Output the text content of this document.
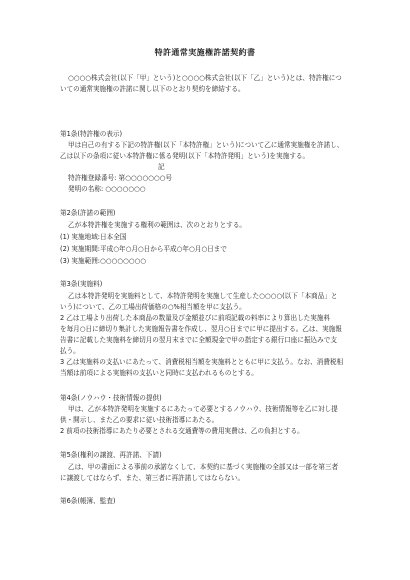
特許通常実施権許諾契約書
○○○○株式会社(以下「甲」という)と○○○○株式会社(以下「乙」という)とは、特許権につ
いての通常実施権の許諾に関し以下のとおり契約を締結する。
第1条(特許権の表示)
甲は自己の有する下記の特許権(以下「本特許権」という)について乙に通常実施権を許諾し、
乙は以下の条項に従い本特許権に係る発明(以下「本特許発明」という)を実施する。
記
特許権登録番号: 第○○○○○○○号
発明の名称: ○○○○○○○
第2条(許諾の範囲)
乙が本特許権を実施する権利の範囲は、次のとおりとする。
(1) 実施地域:日本全国
(2) 実施期間:平成○年○月○日から平成○年○月○日まで
(3) 実施範囲:○○○○○○○○
第3条(実施料)
乙は本特許発明を実施料として、本特許発明を実施して生産した○○○○(以下「本商品」と
いう)について、乙の工場出荷価格の○%相当額を甲に支払う。
2 乙は工場より出荷した本商品の数量及び金額並びに前項記載の料率により算出した実施料
を毎月○日に締切り集計した実施報告書を作成し、翌月○日までに甲に提出する。乙は、実施報
告書に記載した実施料を締切月の翌月末までに全額現金で甲の指定する銀行口座に振込みで支
払う。
3 乙は実施料の支払いにあたって、消費税相当額を実施料とともに甲に支払う。なお、消費税相
当額は前項による実施料の支払いと同時に支払われるものとする。
第4条(ノウハウ・技術情報の提供)
甲は、乙が本特許発明を実施するにあたって必要とするノウハウ、技術情報等を乙に対し提
供・開示し、また乙の要求に従い技術指導にあたる。
2 前項の技術指導にあたり必要とされる交通費等の費用実費は、乙の負担とする。
第5条(権利の譲渡、再許諾、下請)
乙は、甲の書面による事前の承諾なくして、本契約に基づく実施権の全部又は一部を第三者
に譲渡してはならず、また、第三者に再許諾してはならない。
第6条(帳簿、監査)
